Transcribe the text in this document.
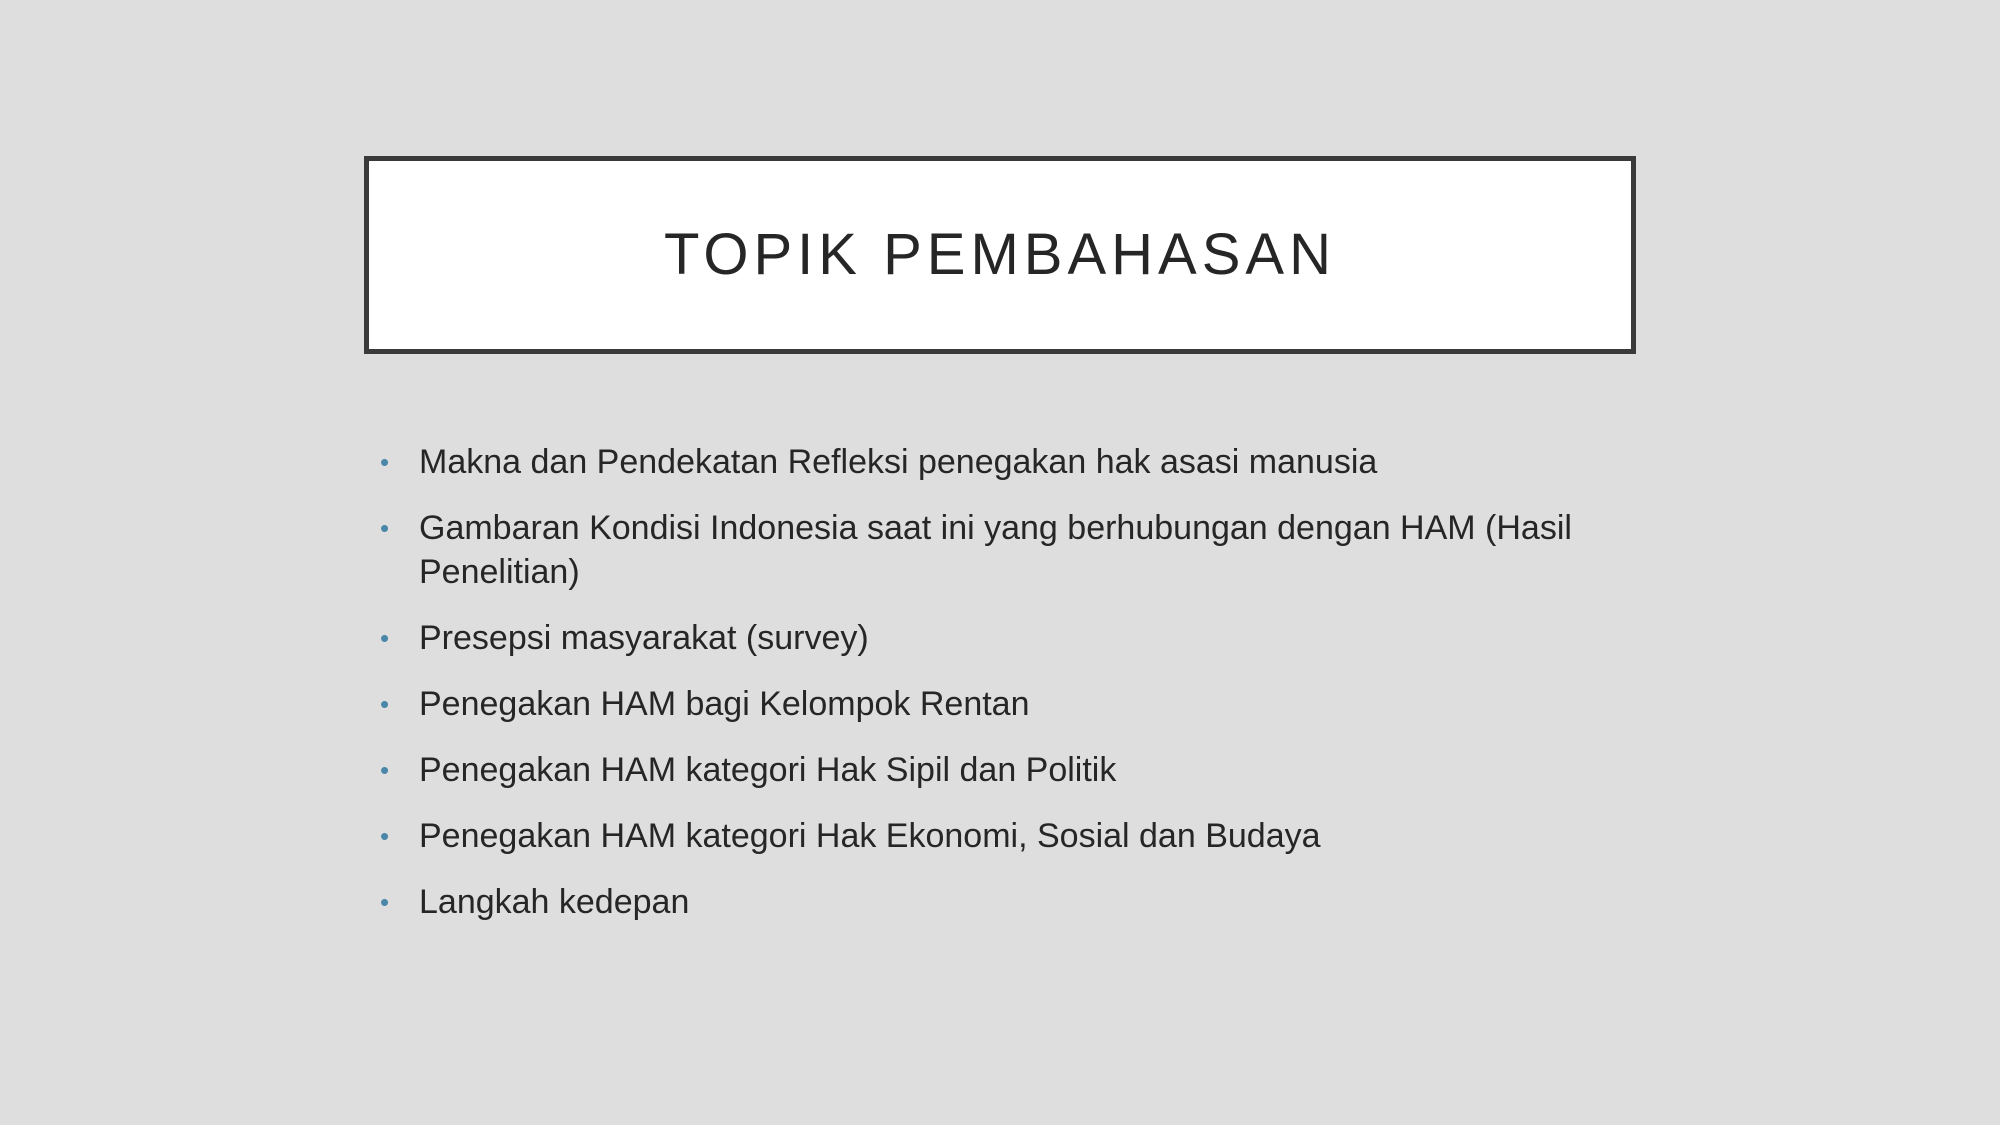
TOPIK PEMBAHASAN
• Makna dan Pendekatan Refleksi penegakan hak asasi manusia
• Gambaran Kondisi Indonesia saat ini yang berhubungan dengan HAM (Hasil Penelitian)
• Presepsi masyarakat (survey)
• Penegakan HAM bagi Kelompok Rentan
• Penegakan HAM kategori Hak Sipil dan Politik
• Penegakan HAM kategori Hak Ekonomi, Sosial dan Budaya
• Langkah kedepan
